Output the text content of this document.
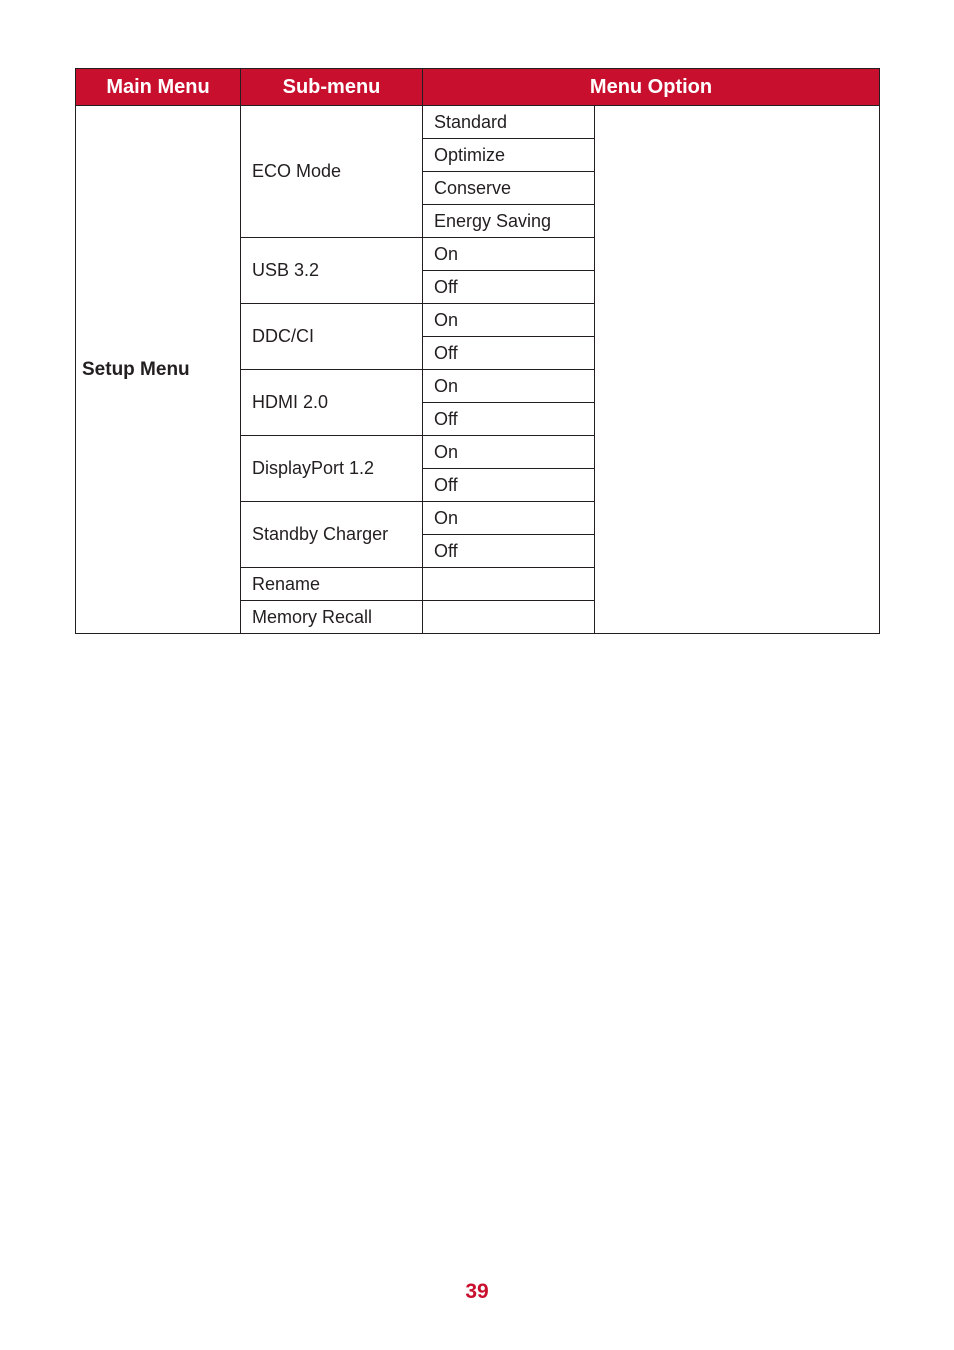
Main Menu	Sub-menu	Menu Option	
Setup Menu	ECO Mode	Standard	
		Optimize	
		Conserve	
		Energy Saving	
	USB 3.2	On	
		Off	
	DDC/CI	On	
		Off	
	HDMI 2.0	On	
		Off	
	DisplayPort 1.2	On	
		Off	
	Standby Charger	On	
		Off	
	Rename		
	Memory Recall		
39
